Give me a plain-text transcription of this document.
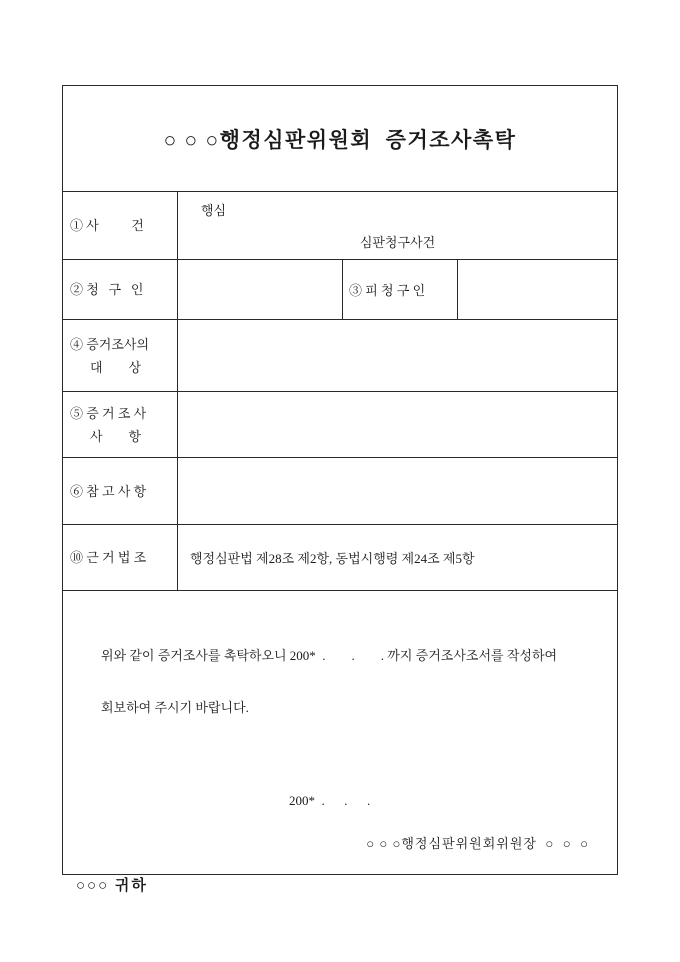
○ ○ ○행정심판위원회  증거조사촉탁
① 사          건
행심
심판청구사건
② 청   구   인	③ 피 청 구 인
④ 증거조사의
대        상
⑤ 증 거 조 사
사        항
⑥ 참 고 사 항
⑩ 근 거 법 조	행정심판법 제28조 제2항, 동법시행령 제24조 제5항

위와 같이 증거조사를 촉탁하오니 200*  .        .        . 까지 증거조사조서를 작성하여

회보하여 주시기 바랍니다.

200*  .      .      .
○ ○ ○행정심판위원회위원장  ○  ○  ○
○○○ 귀하
